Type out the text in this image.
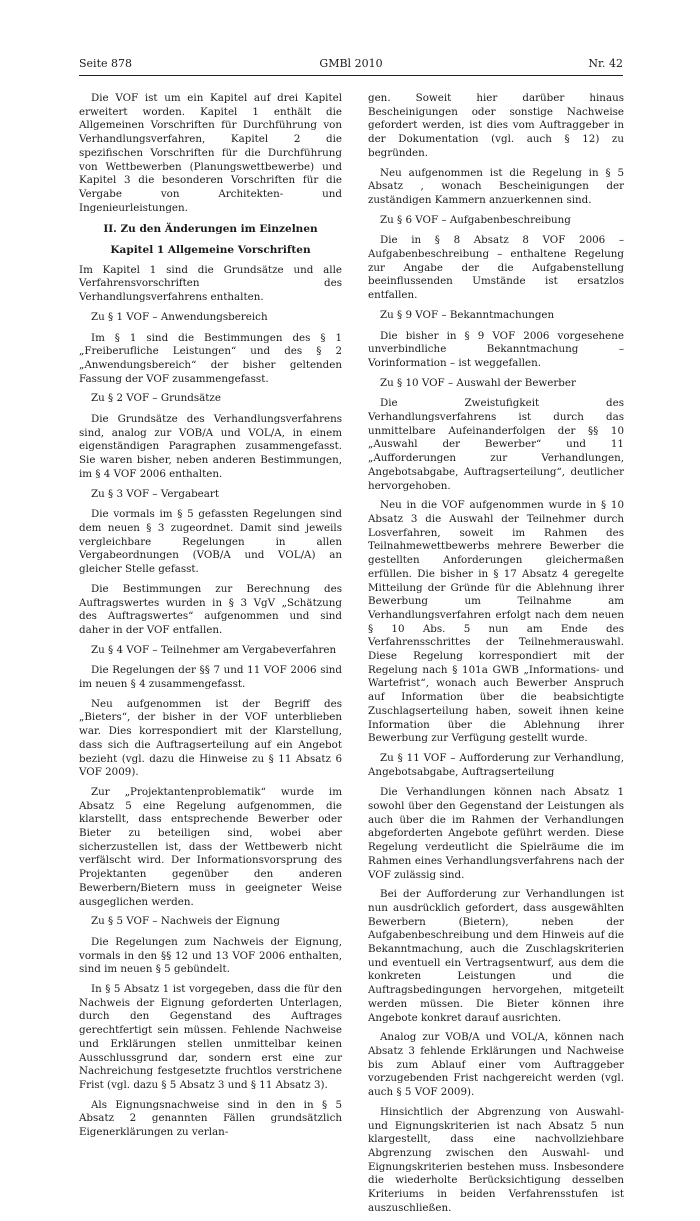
Seite 878	GMBl 2010	Nr. 42

Die VOF ist um ein Kapitel auf drei Kapitel erweitert worden. Kapitel 1 enthält die Allgemeinen Vorschriften für Durchführung von Verhandlungsverfahren, Kapitel 2 die spezifischen Vorschriften für die Durchführung von Wettbewerben (Planungswettbewerbe) und Kapitel 3 die besonderen Vorschriften für die Vergabe von Architekten- und Ingenieurleistungen.

II. Zu den Änderungen im Einzelnen
Kapitel 1 Allgemeine Vorschriften

Im Kapitel 1 sind die Grundsätze und alle Verfahrensvorschriften des Verhandlungsverfahrens enthalten.

Zu § 1 VOF – Anwendungsbereich

Im § 1 sind die Bestimmungen des § 1 „Freiberufliche Leistungen“ und des § 2 „Anwendungsbereich“ der bisher geltenden Fassung der VOF zusammengefasst.

Zu § 2 VOF – Grundsätze

Die Grundsätze des Verhandlungsverfahrens sind, analog zur VOB/A und VOL/A, in einem eigenständigen Paragraphen zusammengefasst. Sie waren bisher, neben anderen Bestimmungen, im § 4 VOF 2006 enthalten.

Zu § 3 VOF – Vergabeart

Die vormals im § 5 gefassten Regelungen sind dem neuen § 3 zugeordnet. Damit sind jeweils vergleichbare Regelungen in allen Vergabeordnungen (VOB/A und VOL/A) an gleicher Stelle gefasst.

Die Bestimmungen zur Berechnung des Auftragswertes wurden in § 3 VgV „Schätzung des Auftragswertes“ aufgenommen und sind daher in der VOF entfallen.

Zu § 4 VOF – Teilnehmer am Vergabeverfahren

Die Regelungen der §§ 7 und 11 VOF 2006 sind im neuen § 4 zusammengefasst.

Neu aufgenommen ist der Begriff des „Bieters“, der bisher in der VOF unterblieben war. Dies korrespondiert mit der Klarstellung, dass sich die Auftragserteilung auf ein Angebot bezieht (vgl. dazu die Hinweise zu § 11 Absatz 6 VOF 2009).

Zur „Projektantenproblematik“ wurde im Absatz 5 eine Regelung aufgenommen, die klarstellt, dass entsprechende Bewerber oder Bieter zu beteiligen sind, wobei aber sicherzustellen ist, dass der Wettbewerb nicht verfälscht wird. Der Informationsvorsprung des Projektanten gegenüber den anderen Bewerbern/Bietern muss in geeigneter Weise ausgeglichen werden.

Zu § 5 VOF – Nachweis der Eignung

Die Regelungen zum Nachweis der Eignung, vormals in den §§ 12 und 13 VOF 2006 enthalten, sind im neuen § 5 gebündelt.

In § 5 Absatz 1 ist vorgegeben, dass die für den Nachweis der Eignung geforderten Unterlagen, durch den Gegenstand des Auftrages gerechtfertigt sein müssen. Fehlende Nachweise und Erklärungen stellen unmittelbar keinen Ausschlussgrund dar, sondern erst eine zur Nachreichung festgesetzte fruchtlos verstrichene Frist (vgl. dazu § 5 Absatz 3 und § 11 Absatz 3).

Als Eignungsnachweise sind in den in § 5 Absatz 2 genannten Fällen grundsätzlich Eigenerklärungen zu verlan-

gen. Soweit hier darüber hinaus Bescheinigungen oder sonstige Nachweise gefordert werden, ist dies vom Auftraggeber in der Dokumentation (vgl. auch § 12) zu begründen.

Neu aufgenommen ist die Regelung in § 5 Absatz , wonach Bescheinigungen der zuständigen Kammern anzuerkennen sind.

Zu § 6 VOF – Aufgabenbeschreibung

Die in § 8 Absatz 8 VOF 2006 – Aufgabenbeschreibung – enthaltene Regelung zur Angabe der die Aufgabenstellung beeinflussenden Umstände ist ersatzlos entfallen.

Zu § 9 VOF – Bekanntmachungen

Die bisher in § 9 VOF 2006 vorgesehene unverbindliche Bekanntmachung – Vorinformation – ist weggefallen.

Zu § 10 VOF – Auswahl der Bewerber

Die Zweistufigkeit des Verhandlungsverfahrens ist durch das unmittelbare Aufeinanderfolgen der §§ 10 „Auswahl der Bewerber“ und 11 „Aufforderungen zur Verhandlungen, Angebotsabgabe, Auftragserteilung“, deutlicher hervorgehoben.

Neu in die VOF aufgenommen wurde in § 10 Absatz 3 die Auswahl der Teilnehmer durch Losverfahren, soweit im Rahmen des Teilnahmewettbewerbs mehrere Bewerber die gestellten Anforderungen gleichermaßen erfüllen. Die bisher in § 17 Absatz 4 geregelte Mitteilung der Gründe für die Ablehnung ihrer Bewerbung um Teilnahme am Verhandlungsverfahren erfolgt nach dem neuen § 10 Abs. 5 nun am Ende des Verfahrensschrittes der Teilnehmerauswahl. Diese Regelung korrespondiert mit der Regelung nach § 101a GWB „Informations- und Wartefrist“, wonach auch Bewerber Anspruch auf Information über die beabsichtigte Zuschlagserteilung haben, soweit ihnen keine Information über die Ablehnung ihrer Bewerbung zur Verfügung gestellt wurde.

Zu § 11 VOF – Aufforderung zur Verhandlung, Angebotsabgabe, Auftragserteilung

Die Verhandlungen können nach Absatz 1 sowohl über den Gegenstand der Leistungen als auch über die im Rahmen der Verhandlungen abgeforderten Angebote geführt werden. Diese Regelung verdeutlicht die Spielräume die im Rahmen eines Verhandlungsverfahrens nach der VOF zulässig sind.

Bei der Aufforderung zur Verhandlungen ist nun ausdrücklich gefordert, dass ausgewählten Bewerbern (Bietern), neben der Aufgabenbeschreibung und dem Hinweis auf die Bekanntmachung, auch die Zuschlagskriterien und eventuell ein Vertragsentwurf, aus dem die konkreten Leistungen und die Auftragsbedingungen hervorgehen, mitgeteilt werden müssen. Die Bieter können ihre Angebote konkret darauf ausrichten.

Analog zur VOB/A und VOL/A, können nach Absatz 3 fehlende Erklärungen und Nachweise bis zum Ablauf einer vom Auftraggeber vorzugebenden Frist nachgereicht werden (vgl. auch § 5 VOF 2009).

Hinsichtlich der Abgrenzung von Auswahl- und Eignungskriterien ist nach Absatz 5 nun klargestellt, dass eine nachvollziehbare Abgrenzung zwischen den Auswahl- und Eignungskriterien bestehen muss. Insbesondere die wiederholte Berücksichtigung desselben Kriteriums in beiden Verfahrensstufen ist auszuschließen.
